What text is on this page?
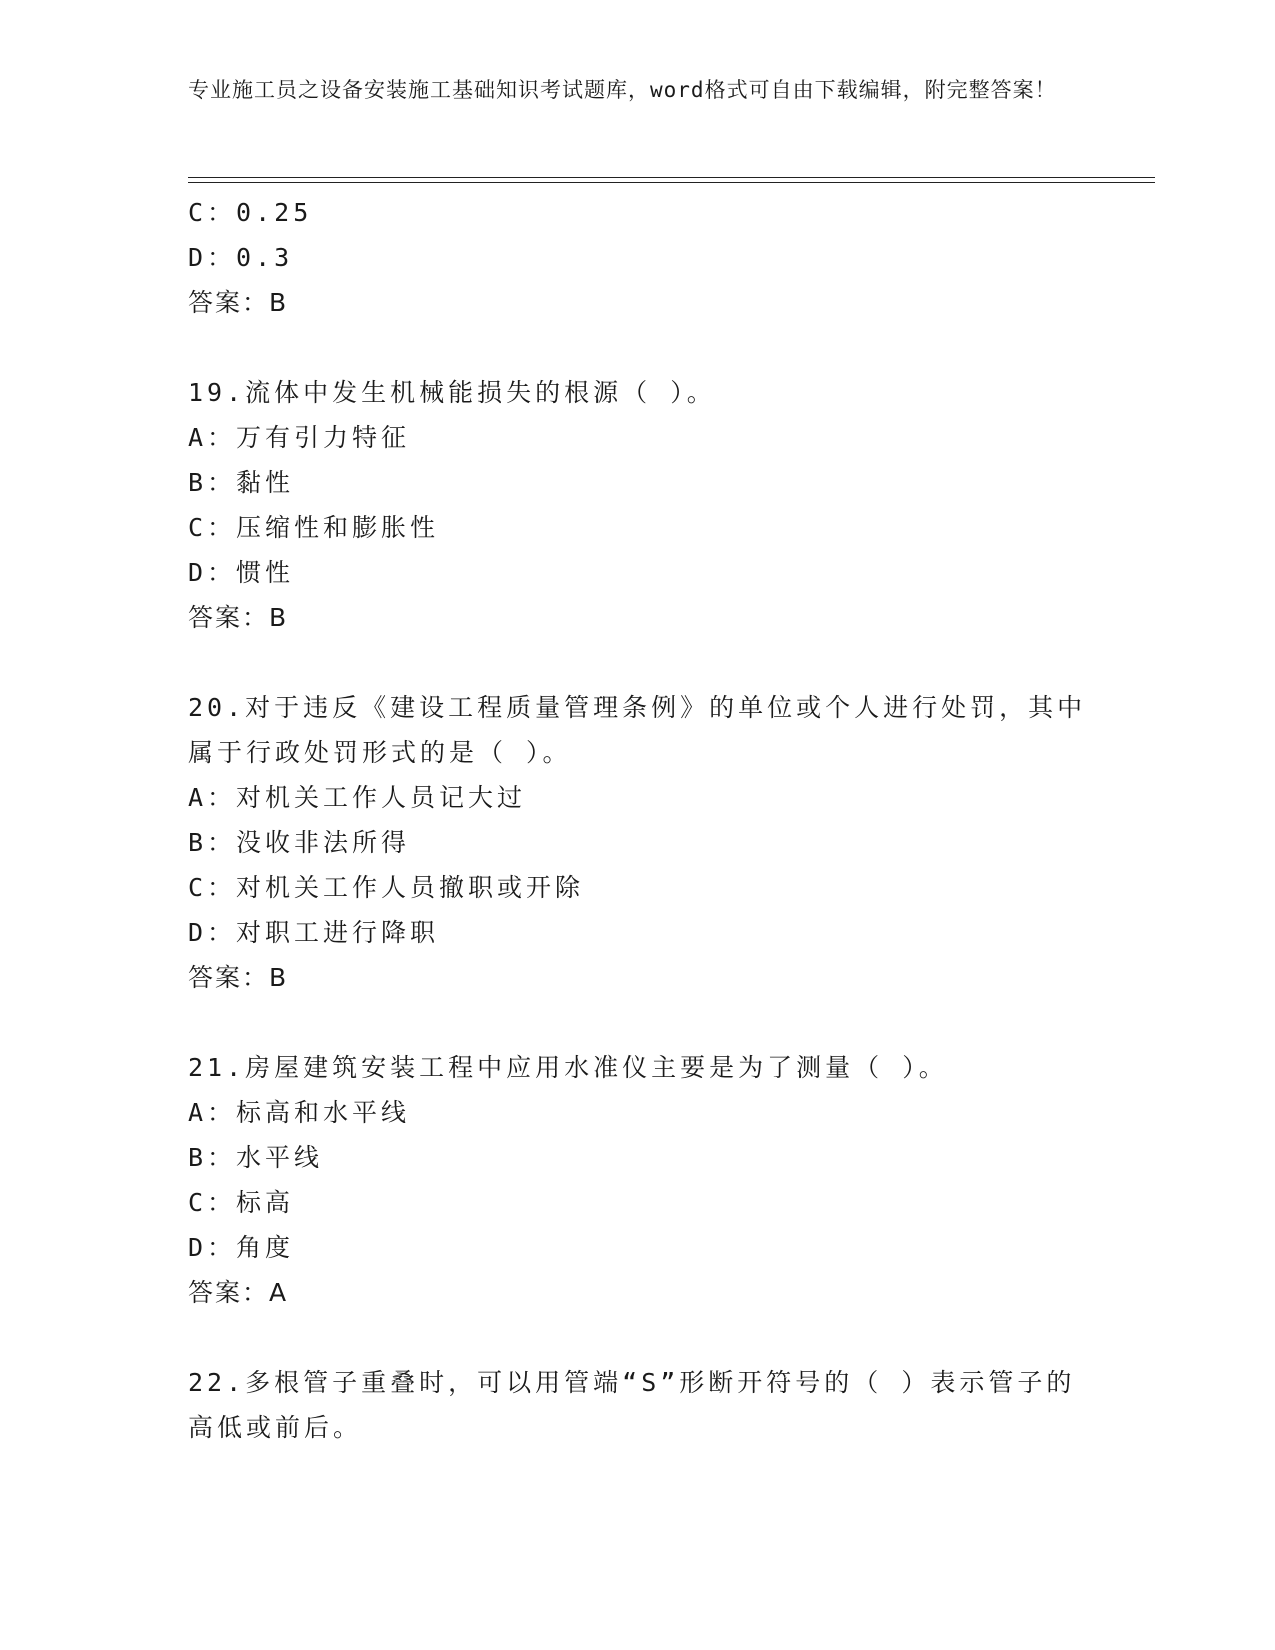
专业施工员之设备安装施工基础知识考试题库，word格式可自由下载编辑，附完整答案！
C：0.25
D：0.3
答案：B
19.流体中发生机械能损失的根源（ ）。
A：万有引力特征
B：黏性
C：压缩性和膨胀性
D：惯性
答案：B
20.对于违反《建设工程质量管理条例》的单位或个人进行处罚，其中属于行政处罚形式的是（ ）。
A：对机关工作人员记大过
B：没收非法所得
C：对机关工作人员撤职或开除
D：对职工进行降职
答案：B
21.房屋建筑安装工程中应用水准仪主要是为了测量（ ）。
A：标高和水平线
B：水平线
C：标高
D：角度
答案：A
22.多根管子重叠时，可以用管端“S”形断开符号的（ ）表示管子的高低或前后。
